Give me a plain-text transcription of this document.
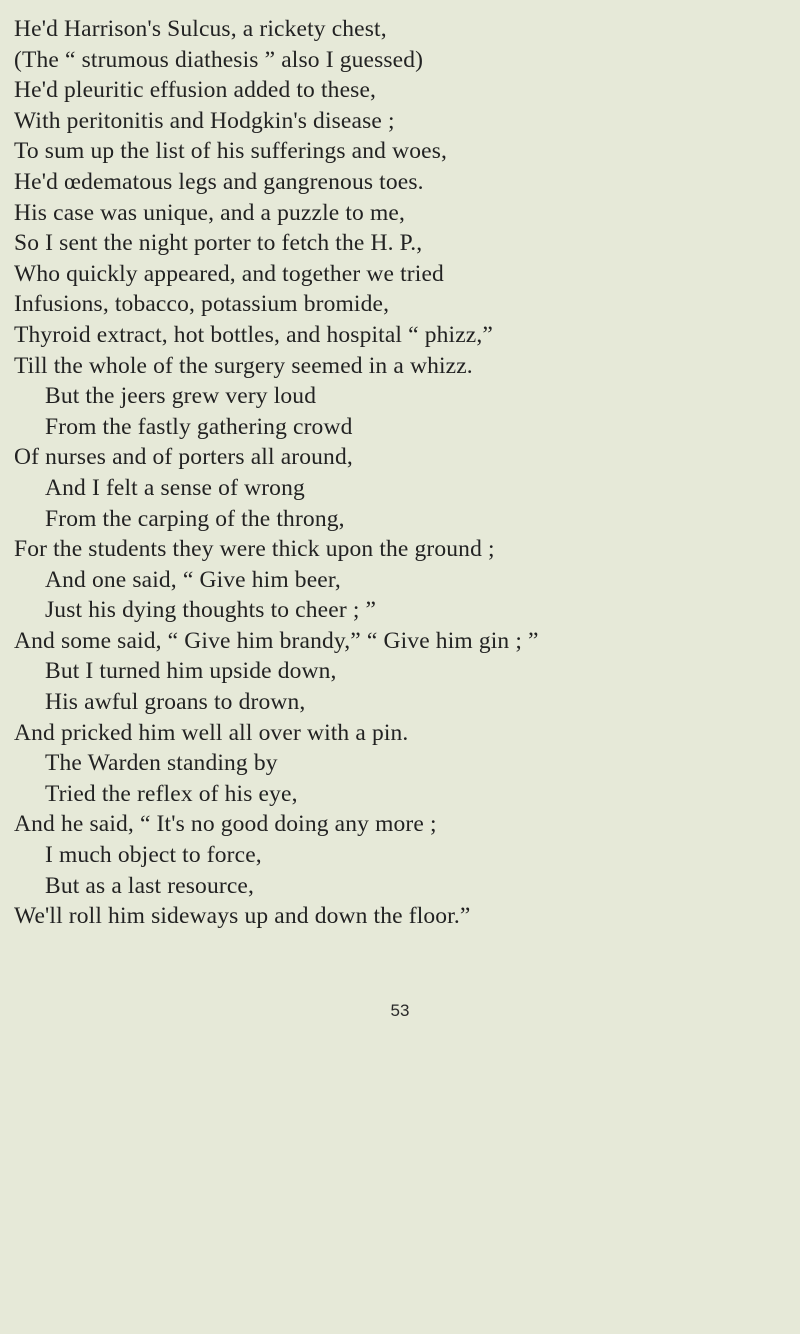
He'd Harrison's Sulcus, a rickety chest,
(The “ strumous diathesis ” also I guessed)
He'd pleuritic effusion added to these,
With peritonitis and Hodgkin's disease ;
To sum up the list of his sufferings and woes,
He'd œdematous legs and gangrenous toes.
His case was unique, and a puzzle to me,
So I sent the night porter to fetch the H. P.,
Who quickly appeared, and together we tried
Infusions, tobacco, potassium bromide,
Thyroid extract, hot bottles, and hospital “ phizz,”
Till the whole of the surgery seemed in a whizz.
But the jeers grew very loud
From the fastly gathering crowd
Of nurses and of porters all around,
And I felt a sense of wrong
From the carping of the throng,
For the students they were thick upon the ground ;
And one said, “ Give him beer,
Just his dying thoughts to cheer ; ”
And some said, “ Give him brandy,” “ Give him gin ; ”
But I turned him upside down,
His awful groans to drown,
And pricked him well all over with a pin.
The Warden standing by
Tried the reflex of his eye,
And he said, “ It's no good doing any more ;
I much object to force,
But as a last resource,
We'll roll him sideways up and down the floor.”
53
